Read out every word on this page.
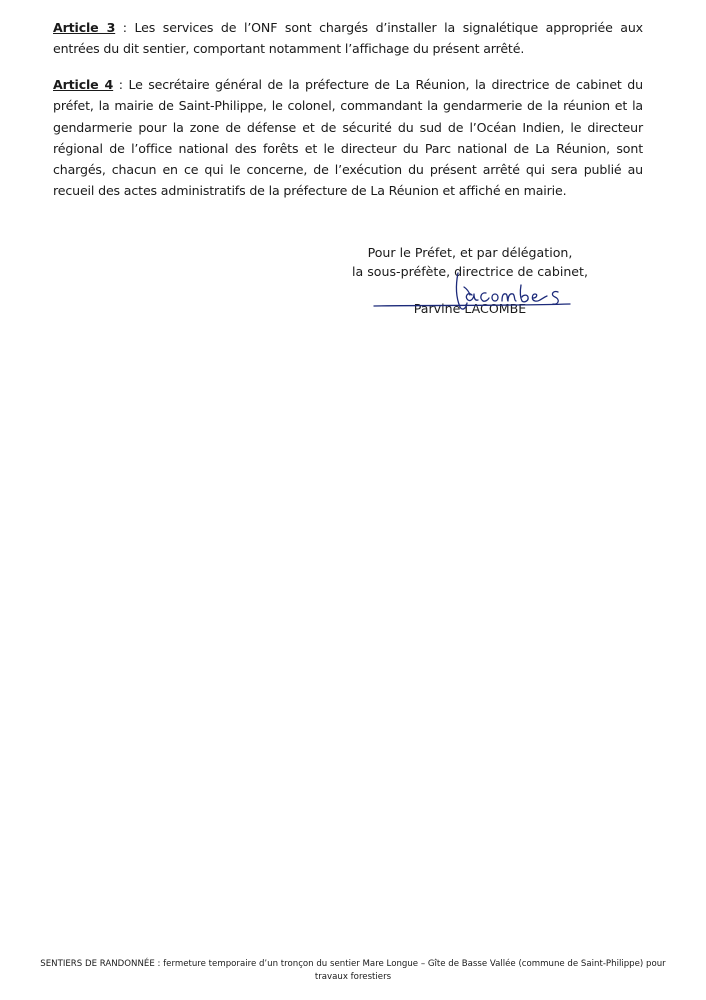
Article 3 : Les services de l’ONF sont chargés d’installer la signalétique appropriée aux entrées du dit sentier, comportant notamment l’affichage du présent arrêté.

Article 4 : Le secrétaire général de la préfecture de La Réunion, la directrice de cabinet du préfet, la mairie de Saint-Philippe, le colonel, commandant la gendarmerie de la réunion et la gendarmerie pour la zone de défense et de sécurité du sud de l’Océan Indien, le directeur régional de l’office national des forêts et le directeur du Parc national de La Réunion, sont chargés, chacun en ce qui le concerne, de l’exécution du présent arrêté qui sera publié au recueil des actes administratifs de la préfecture de La Réunion et affiché en mairie.

Pour le Préfet, et par délégation,
la sous-préfète, directrice de cabinet,
Parvine LACOMBE
SENTIERS DE RANDONNÉE : fermeture temporaire d’un tronçon du sentier Mare Longue – Gîte de Basse Vallée (commune de Saint-Philippe) pour travaux forestiers
